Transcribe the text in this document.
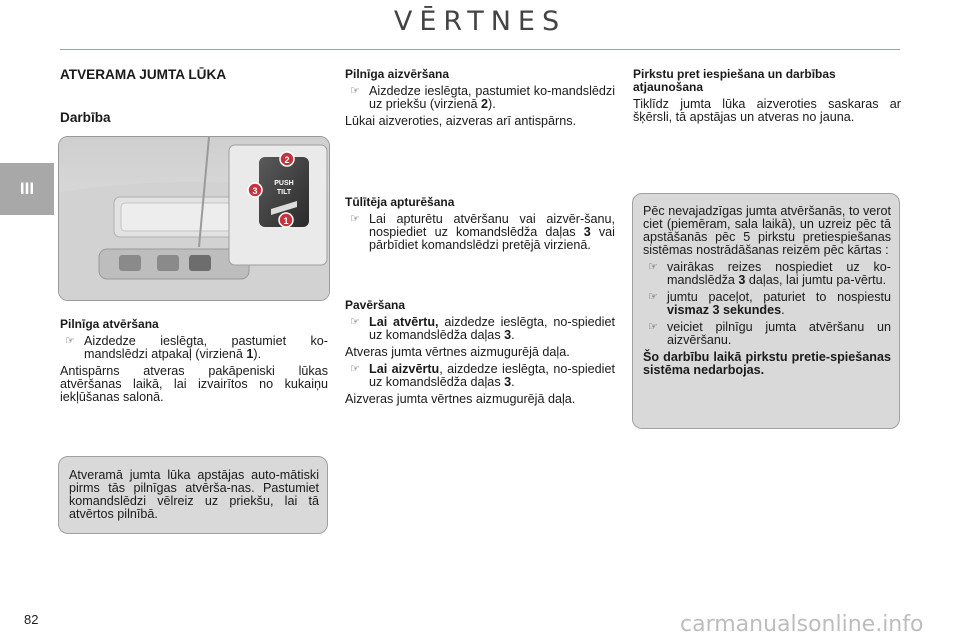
VĒRTNES
III
ATVERAMA JUMTA LŪKA
Darbība
PUSH
TILT
2
3
1
Pilnīga atvēršana
☞ Aizdedze ieslēgta, pastumiet ko-mandslēdzi atpakaļ (virzienā 1).

Antispārns atveras pakāpeniski lūkas atvēršanas laikā, lai izvairītos no kukaiņu iekļūšanas salonā.

Atveramā jumta lūka apstājas auto-mātiski pirms tās pilnīgas atvērša-nas. Pastumiet komandslēdzi vēlreiz uz priekšu, lai tā atvērtos pilnībā.

Pilnīga aizvēršana
☞ Aizdedze ieslēgta, pastumiet ko-mandslēdzi uz priekšu (virzienā 2).

Lūkai aizveroties, aizveras arī antispārns.

Tūlītēja apturēšana
☞ Lai apturētu atvēršanu vai aizvēr-šanu, nospiediet uz komandslēdža daļas 3 vai pārbīdiet komandslēdzi pretējā virzienā.
Pavēršana
☞ Lai atvērtu, aizdedze ieslēgta, no-spiediet uz komandslēdža daļas 3.

Atveras jumta vērtnes aizmugurējā daļa.

☞ Lai aizvērtu, aizdedze ieslēgta, no-spiediet uz komandslēdža daļas 3.

Aizveras jumta vērtnes aizmugurējā daļa.

Pirkstu pret iespiešana un darbības atjaunošana

Tiklīdz jumta lūka aizveroties saskaras ar šķērsli, tā apstājas un atveras no jauna.

Pēc nevajadzīgas jumta atvēršanās, to verot ciet (piemēram, sala laikā), un uzreiz pēc tā apstāšanās pēc 5 pirkstu pretiespiešanas sistēmas nostrādāšanas reizēm pēc kārtas :

☞ vairākas reizes nospiediet uz ko-mandslēdža 3 daļas, lai jumtu pa-vērtu.
☞ jumtu paceļot, paturiet to nospiestu vismaz 3 sekundes.
☞ veiciet pilnīgu jumta atvēršanu un aizvēršanu.

Šo darbību laikā pirkstu pretie-spiešanas sistēma nedarbojas.

82	carmanualsonline.info
